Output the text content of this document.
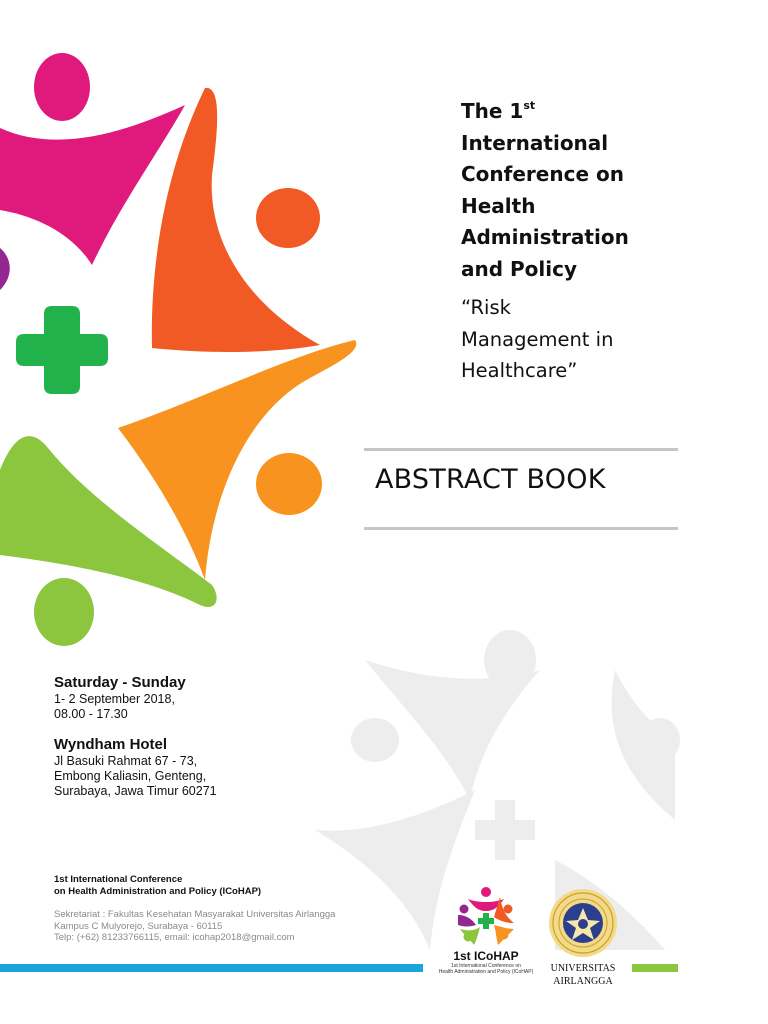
The 1st
International
Conference on
Health
Administration
and Policy
“Risk
Management in
Healthcare”
ABSTRACT BOOK
Saturday - Sunday
1- 2 September 2018,
08.00 - 17.30
Wyndham Hotel
Jl Basuki Rahmat 67 - 73,
Embong Kaliasin, Genteng,
Surabaya, Jawa Timur 60271
1st International Conference
on Health Administration and Policy (ICoHAP)
Sekretariat : Fakultas Kesehatan Masyarakat Universitas Airlangga
Kampus C Mulyorejo, Surabaya - 60115
Telp: (+62) 81233766115, email: icohap2018@gmail.com
1st ICoHAP
1st International Conference on
Health Administration and Policy (ICoHAP)	UNIVERSITAS
AIRLANGGA
